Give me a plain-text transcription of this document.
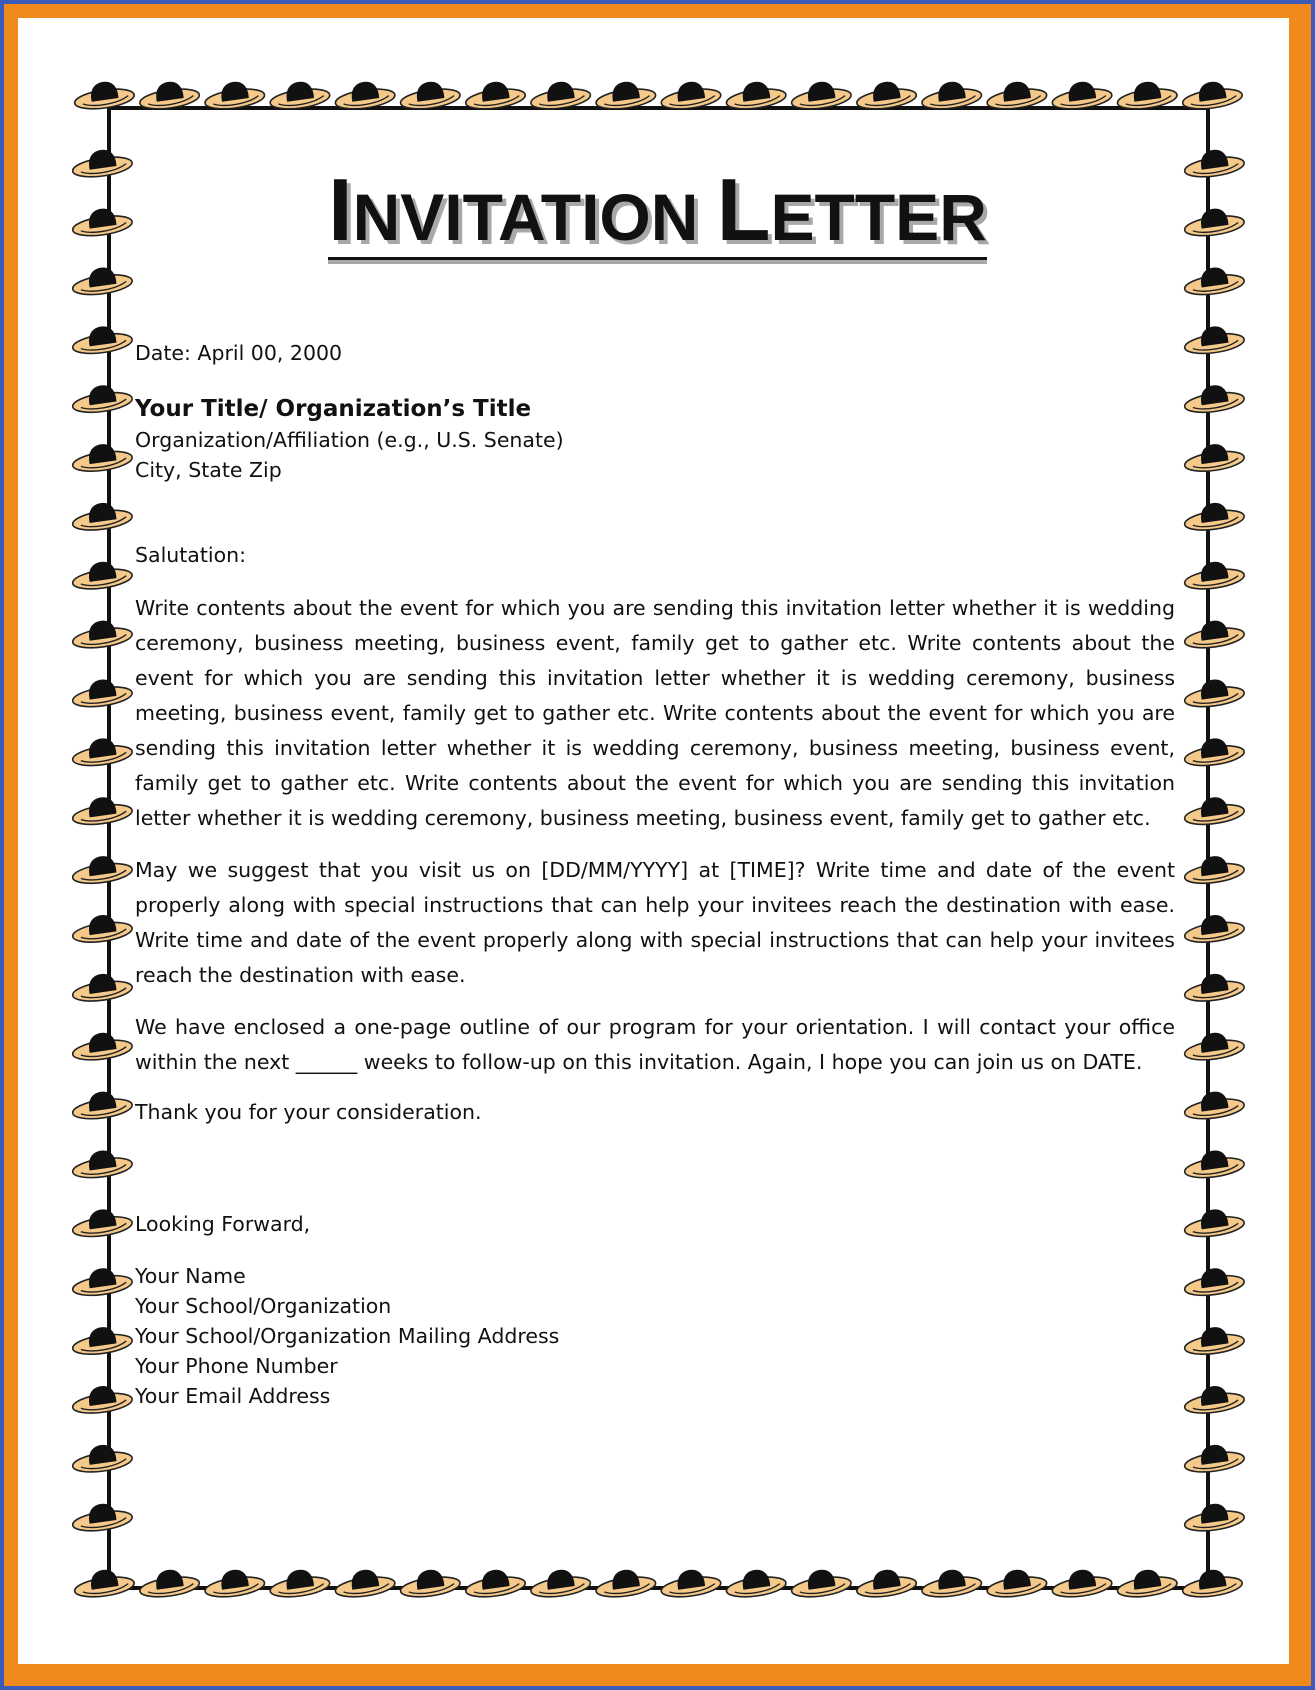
INVITATION LETTER

Date: April 00, 2000

Your Title/ Organization’s Title

Organization/Affiliation (e.g., U.S. Senate)

City, State Zip

Salutation:

Write contents about the event for which you are sending this invitation letter whether it is wedding ceremony, business meeting, business event, family get to gather etc. Write contents about the event for which you are sending this invitation letter whether it is wedding ceremony, business meeting, business event, family get to gather etc. Write contents about the event for which you are sending this invitation letter whether it is wedding ceremony, business meeting, business event, family get to gather etc. Write contents about the event for which you are sending this invitation letter whether it is wedding ceremony, business meeting, business event, family get to gather etc.

May we suggest that you visit us on [DD/MM/YYYY] at [TIME]? Write time and date of the event properly along with special instructions that can help your invitees reach the destination with ease. Write time and date of the event properly along with special instructions that can help your invitees reach the destination with ease.

We have enclosed a one-page outline of our program for your orientation. I will contact your office within the next ______ weeks to follow-up on this invitation. Again, I hope you can join us on DATE.

Thank you for your consideration.

Looking Forward,

Your Name

Your School/Organization

Your School/Organization Mailing Address

Your Phone Number

Your Email Address
